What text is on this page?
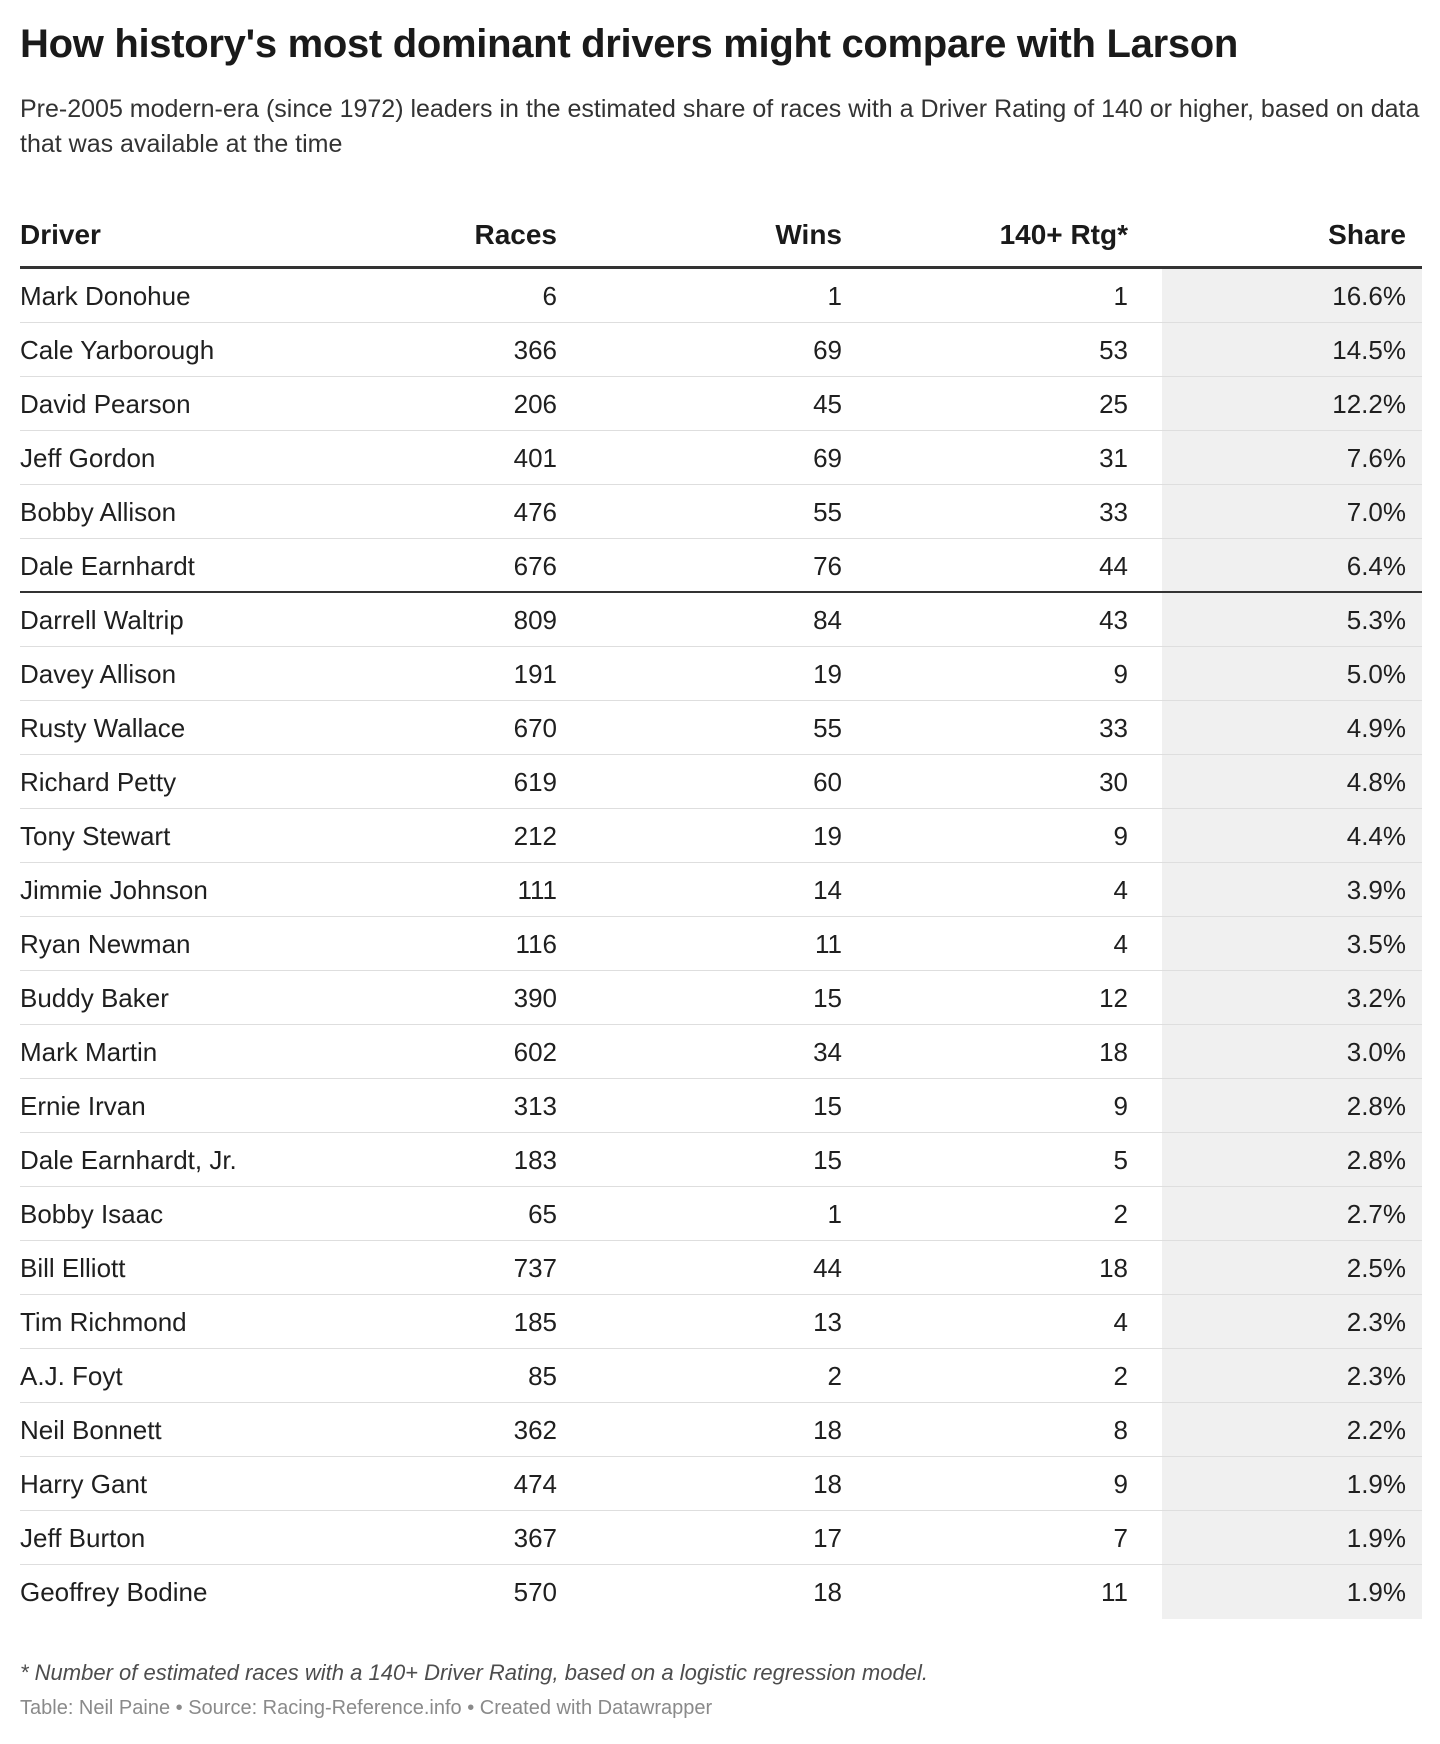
How history's most dominant drivers might compare with Larson
Pre-2005 modern-era (since 1972) leaders in the estimated share of races with a Driver Rating of 140 or higher, based on data that was available at the time
Driver	Races	Wins	140+ Rtg*	Share
Mark Donohue	6	1	1	16.6%
Cale Yarborough	366	69	53	14.5%
David Pearson	206	45	25	12.2%
Jeff Gordon	401	69	31	7.6%
Bobby Allison	476	55	33	7.0%
Dale Earnhardt	676	76	44	6.4%
Darrell Waltrip	809	84	43	5.3%
Davey Allison	191	19	9	5.0%
Rusty Wallace	670	55	33	4.9%
Richard Petty	619	60	30	4.8%
Tony Stewart	212	19	9	4.4%
Jimmie Johnson	111	14	4	3.9%
Ryan Newman	116	11	4	3.5%
Buddy Baker	390	15	12	3.2%
Mark Martin	602	34	18	3.0%
Ernie Irvan	313	15	9	2.8%
Dale Earnhardt, Jr.	183	15	5	2.8%
Bobby Isaac	65	1	2	2.7%
Bill Elliott	737	44	18	2.5%
Tim Richmond	185	13	4	2.3%
A.J. Foyt	85	2	2	2.3%
Neil Bonnett	362	18	8	2.2%
Harry Gant	474	18	9	1.9%
Jeff Burton	367	17	7	1.9%
Geoffrey Bodine	570	18	11	1.9%
* Number of estimated races with a 140+ Driver Rating, based on a logistic regression model.
Table: Neil Paine • Source: Racing-Reference.info • Created with Datawrapper
